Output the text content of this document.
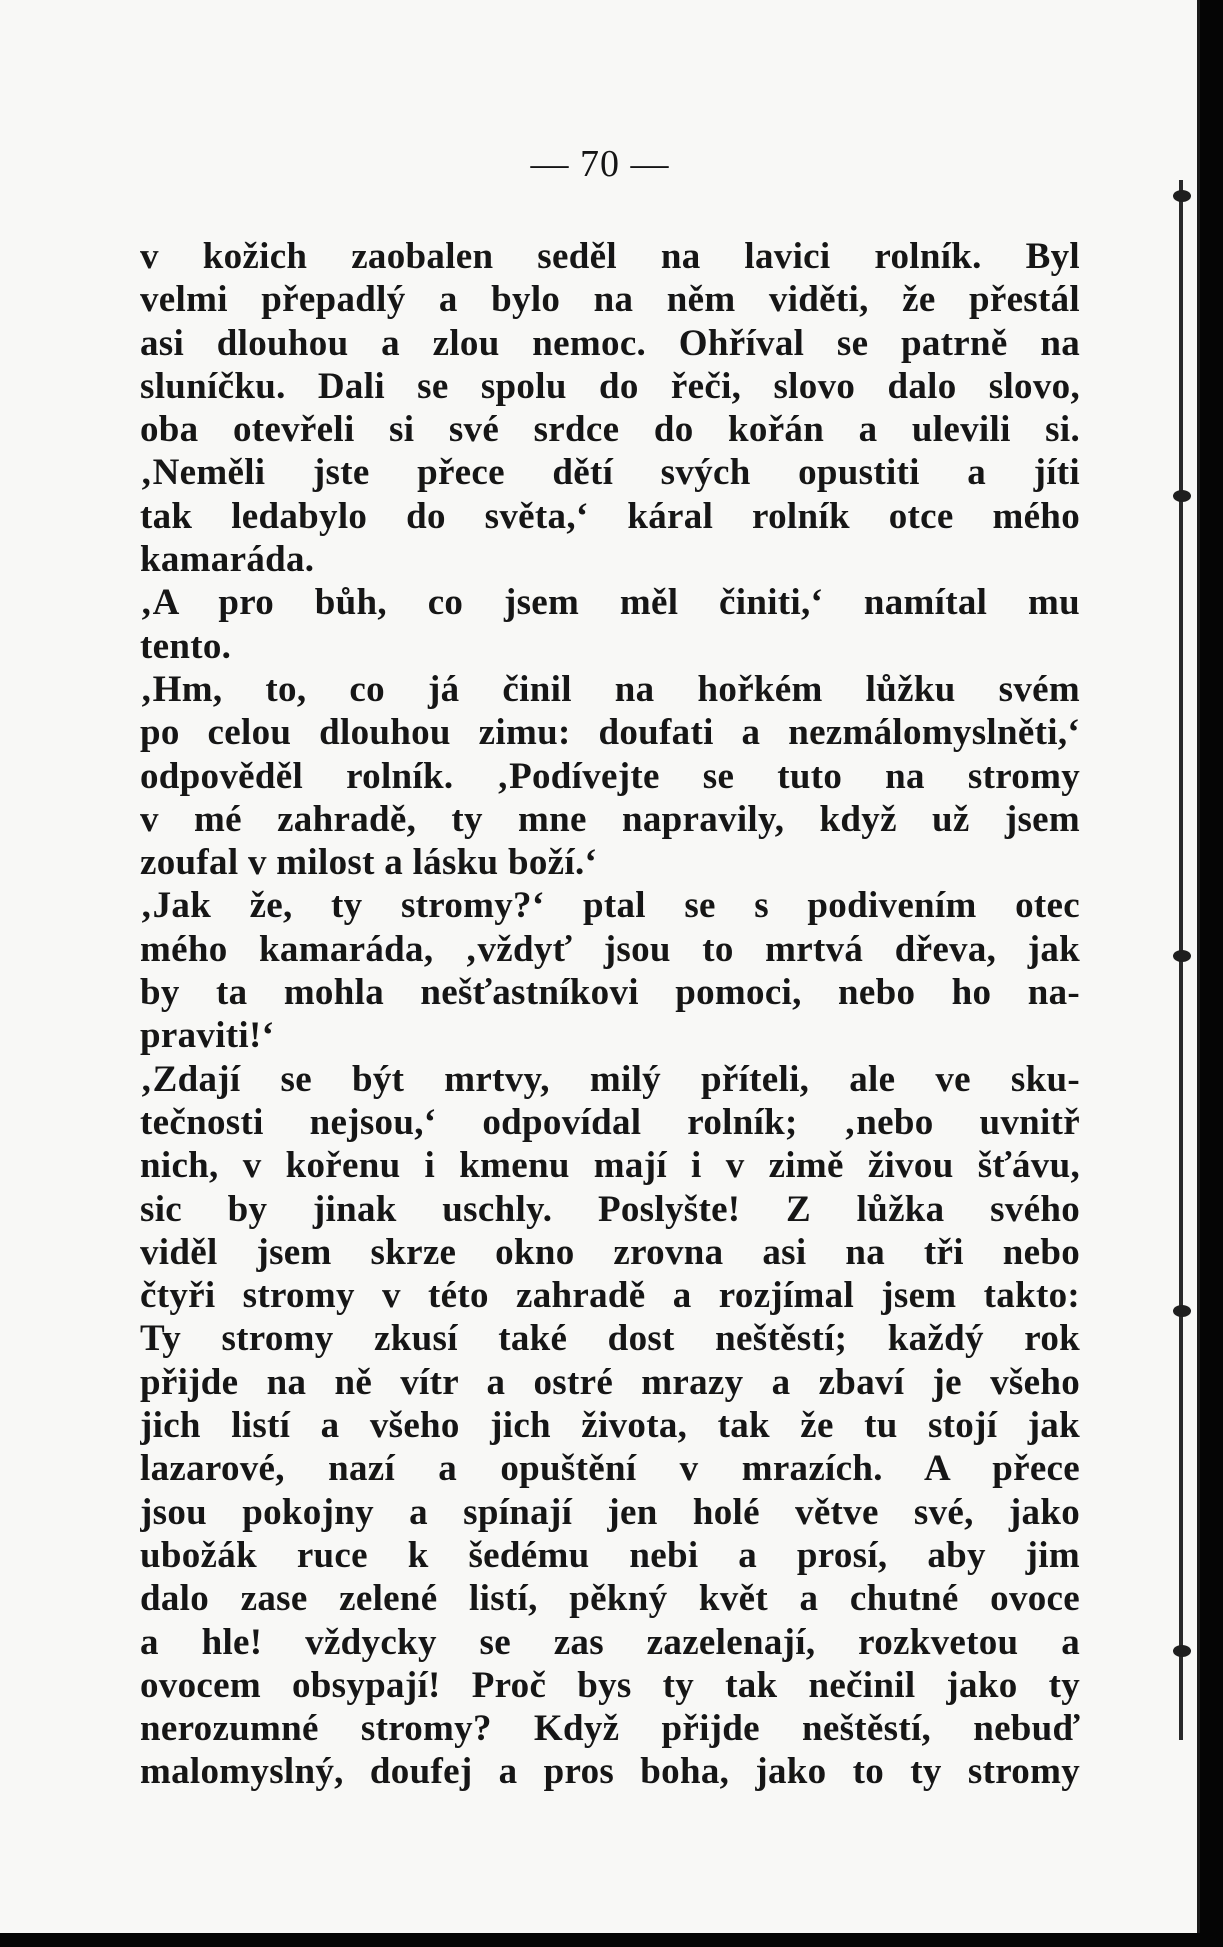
— 70 —
v kožich zaobalen seděl na lavici rolník. Byl
velmi přepadlý a bylo na něm viděti, že přestál
asi dlouhou a zlou nemoc. Ohříval se patrně na
sluníčku. Dali se spolu do řeči, slovo dalo slovo,
oba otevřeli si své srdce do kořán a ulevili si.
‚Neměli jste přece dětí svých opustiti a jíti
tak ledabylo do světa,‘ káral rolník otce mého
kamaráda.
‚A pro bůh, co jsem měl činiti,‘ namítal mu
tento.
‚Hm, to, co já činil na hořkém lůžku svém
po celou dlouhou zimu: doufati a nezmálomyslněti,‘
odpověděl rolník. ‚Podívejte se tuto na stromy
v mé zahradě, ty mne napravily, když už jsem
zoufal v milost a lásku boží.‘
‚Jak že, ty stromy?‘ ptal se s podivením otec
mého kamaráda, ‚vždyť jsou to mrtvá dřeva, jak
by ta mohla nešťastníkovi pomoci, nebo ho na-
praviti!‘
‚Zdají se být mrtvy, milý příteli, ale ve sku-
tečnosti nejsou,‘ odpovídal rolník; ‚nebo uvnitř
nich, v kořenu i kmenu mají i v zimě živou šťávu,
sic by jinak uschly. Poslyšte! Z lůžka svého
viděl jsem skrze okno zrovna asi na tři nebo
čtyři stromy v této zahradě a rozjímal jsem takto:
Ty stromy zkusí také dost neštěstí; každý rok
přijde na ně vítr a ostré mrazy a zbaví je všeho
jich listí a všeho jich života, tak že tu stojí jak
lazarové, nazí a opuštění v mrazích. A přece
jsou pokojny a spínají jen holé větve své, jako
ubožák ruce k šedému nebi a prosí, aby jim
dalo zase zelené listí, pěkný květ a chutné ovoce
a hle! vždycky se zas zazelenají, rozkvetou a
ovocem obsypají! Proč bys ty tak nečinil jako ty
nerozumné stromy? Když přijde neštěstí, nebuď
malomyslný, doufej a pros boha, jako to ty stromy
